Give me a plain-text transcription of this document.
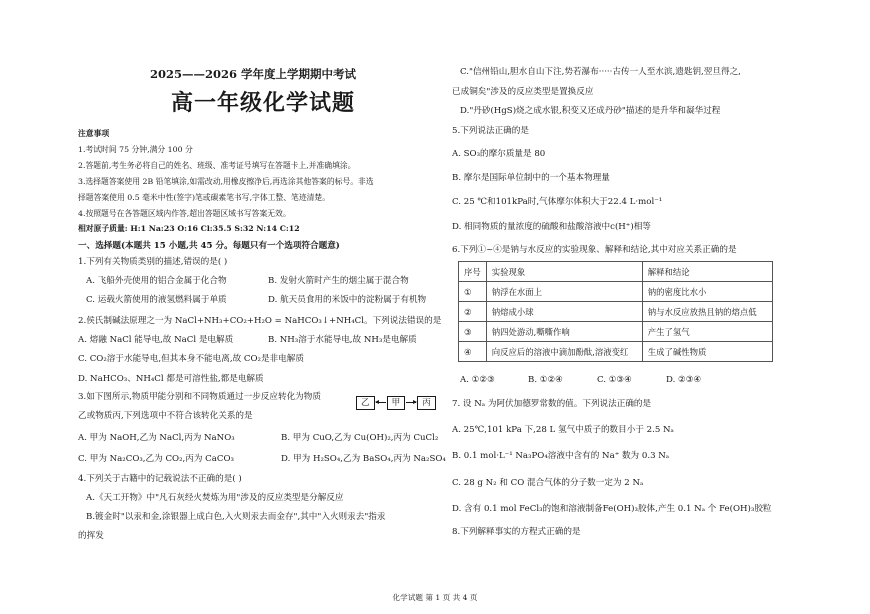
2025——2026 学年度上学期期中考试
高一年级化学试题
注意事项
1.考试时间 75 分钟,满分 100 分
2.答题前,考生务必将自己的姓名、班级、准考证号填写在答题卡上,并准确填涂。
3.选择题答案使用 2B 铅笔填涂,如需改动,用橡皮擦净后,再选涂其他答案的标号。非选
择题答案使用 0.5 毫米中性(签字)笔或碳素笔书写,字体工整、笔迹清楚。
4.按照题号在各答题区域内作答,超出答题区域书写答案无效。
相对原子质量: H:1 Na:23 O:16 Cl:35.5 S:32 N:14 C:12
一、选择题(本题共 15 小题,共 45 分。每题只有一个选项符合题意)
1.下列有关物质类别的描述,错误的是( )
A. 飞船外壳使用的铝合金属于化合物	B. 发射火箭时产生的烟尘属于混合物
C. 运载火箭使用的液氢燃料属于单质	D. 航天员食用的米饭中的淀粉属于有机物
2.侯氏制碱法原理之一为 NaCl+NH₃+CO₂+H₂O = NaHCO₃↓+NH₄Cl。下列说法错误的是
A. 熔融 NaCl 能导电,故 NaCl 是电解质	B. NH₃溶于水能导电,故 NH₃是电解质
C. CO₂溶于水能导电,但其本身不能电离,故 CO₂是非电解质
D. NaHCO₃、NH₄Cl 都是可溶性盐,都是电解质
3.如下图所示,物质甲能分别和不同物质通过一步反应转化为物质
乙或物质丙,下列选项中不符合该转化关系的是
乙	甲	丙
A. 甲为 NaOH,乙为 NaCl,丙为 NaNO₃	B. 甲为 CuO,乙为 Cu(OH)₂,丙为 CuCl₂
C. 甲为 Na₂CO₃,乙为 CO₂,丙为 CaCO₃	D. 甲为 H₂SO₄,乙为 BaSO₄,丙为 Na₂SO₄
4.下列关于古籍中的记载说法不正确的是( )
A.《天工开物》中"凡石灰经火焚炼为用"涉及的反应类型是分解反应
B.镀金时"以汞和金,涂银器上成白色,入火则汞去而金存",其中"入火则汞去"指汞
的挥发
C."信州铅山,胆水自山下注,势若瀑布·····古传一人至水滨,遗匙钥,翌旦得之,
已成铜矣"涉及的反应类型是置换反应
D."丹砂(HgS)烧之成水银,积变又还成丹砂"描述的是升华和凝华过程
5.下列说法正确的是
A. SO₃的摩尔质量是 80
B. 摩尔是国际单位制中的一个基本物理量
C. 25 ℃和101kPa时,气体摩尔体积大于22.4 L·mol⁻¹
D. 相同物质的量浓度的硫酸和盐酸溶液中c(H⁺)相等
6.下列①~④是钠与水反应的实验现象、解释和结论,其中对应关系正确的是
序号	实验现象	解释和结论
①	钠浮在水面上	钠的密度比水小
②	钠熔成小球	钠与水反应放热且钠的熔点低
③	钠四处游动,嘶嘶作响	产生了氢气
④	向反应后的溶液中滴加酚酞,溶液变红	生成了碱性物质
A. ①②③	B. ①②④	C. ①③④	D. ②③④
7. 设 Nₐ 为阿伏加德罗常数的值。下列说法正确的是
A. 25℃,101 kPa 下,28 L 氢气中质子的数目小于 2.5 Nₐ
B. 0.1 mol·L⁻¹ Na₃PO₄溶液中含有的 Na⁺ 数为 0.3 Nₐ
C. 28 g N₂ 和 CO 混合气体的分子数一定为 2 Nₐ
D. 含有 0.1 mol FeCl₃的饱和溶液制备Fe(OH)₃胶体,产生 0.1 Nₐ 个 Fe(OH)₃胶粒
8.下列解释事实的方程式正确的是
化学试题 第 1 页 共 4 页
